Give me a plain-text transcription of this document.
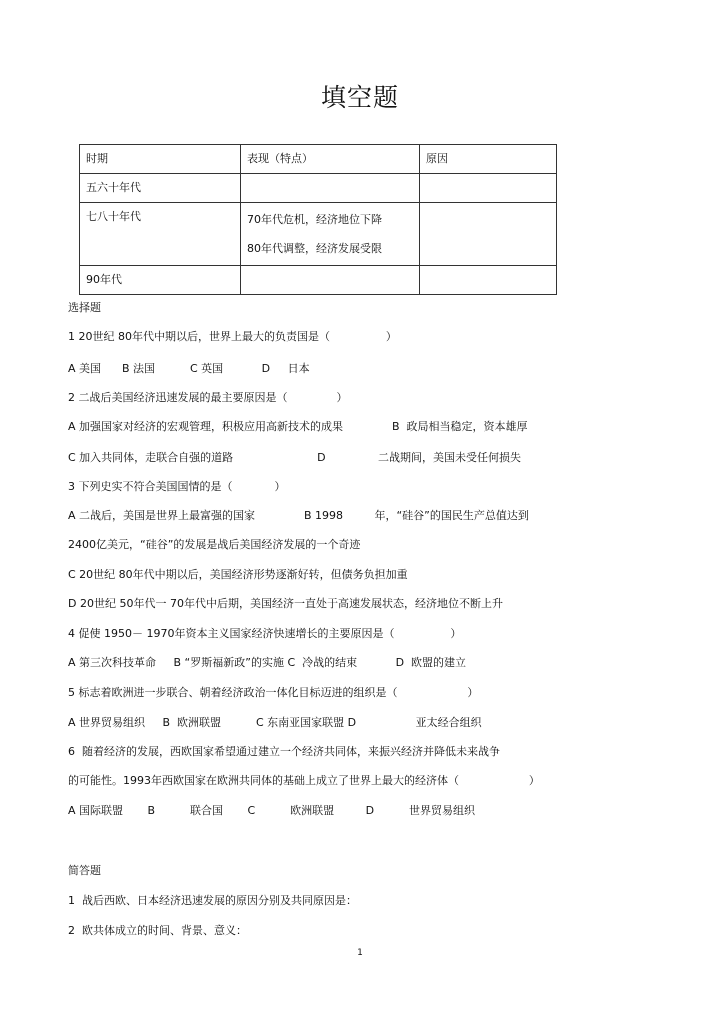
填空题
时期	表现（特点）	原因
五六十年代		
七八十年代	70年代危机，经济地位下降
80年代调整，经济发展受限	

90年代		
选择题
1 20世纪 80年代中期以后，世界上最大的负责国是（                ）
A 美国      B 法国          C 英国           D     日本
2 二战后美国经济迅速发展的最主要原因是（              ）
A 加强国家对经济的宏观管理，积极应用高新技术的成果              B  政局相当稳定，资本雄厚
C 加入共同体，走联合自强的道路                        D               二战期间，美国未受任何损失
3 下列史实不符合美国国情的是（            ）
A 二战后，美国是世界上最富强的国家              B 1998         年，“硅谷”的国民生产总值达到
2400亿美元，“硅谷”的发展是战后美国经济发展的一个奇迹
C 20世纪 80年代中期以后，美国经济形势逐渐好转，但债务负担加重
D 20世纪 50年代一 70年代中后期，美国经济一直处于高速发展状态，经济地位不断上升
4 促使 1950－ 1970年资本主义国家经济快速增长的主要原因是（                ）
A 第三次科技革命     B “罗斯福新政”的实施 C  冷战的结束           D  欧盟的建立
5 标志着欧洲进一步联合、朝着经济政治一体化目标迈进的组织是（                    ）
A 世界贸易组织     B  欧洲联盟          C 东南亚国家联盟 D                 亚太经合组织
6  随着经济的发展，西欧国家希望通过建立一个经济共同体，来振兴经济并降低未来战争
的可能性。1993年西欧国家在欧洲共同体的基础上成立了世界上最大的经济体（                    ）
A 国际联盟       B          联合国       C          欧洲联盟         D          世界贸易组织
简答题
1  战后西欧、日本经济迅速发展的原因分别及共同原因是：
2  欧共体成立的时间、背景、意义：
1
